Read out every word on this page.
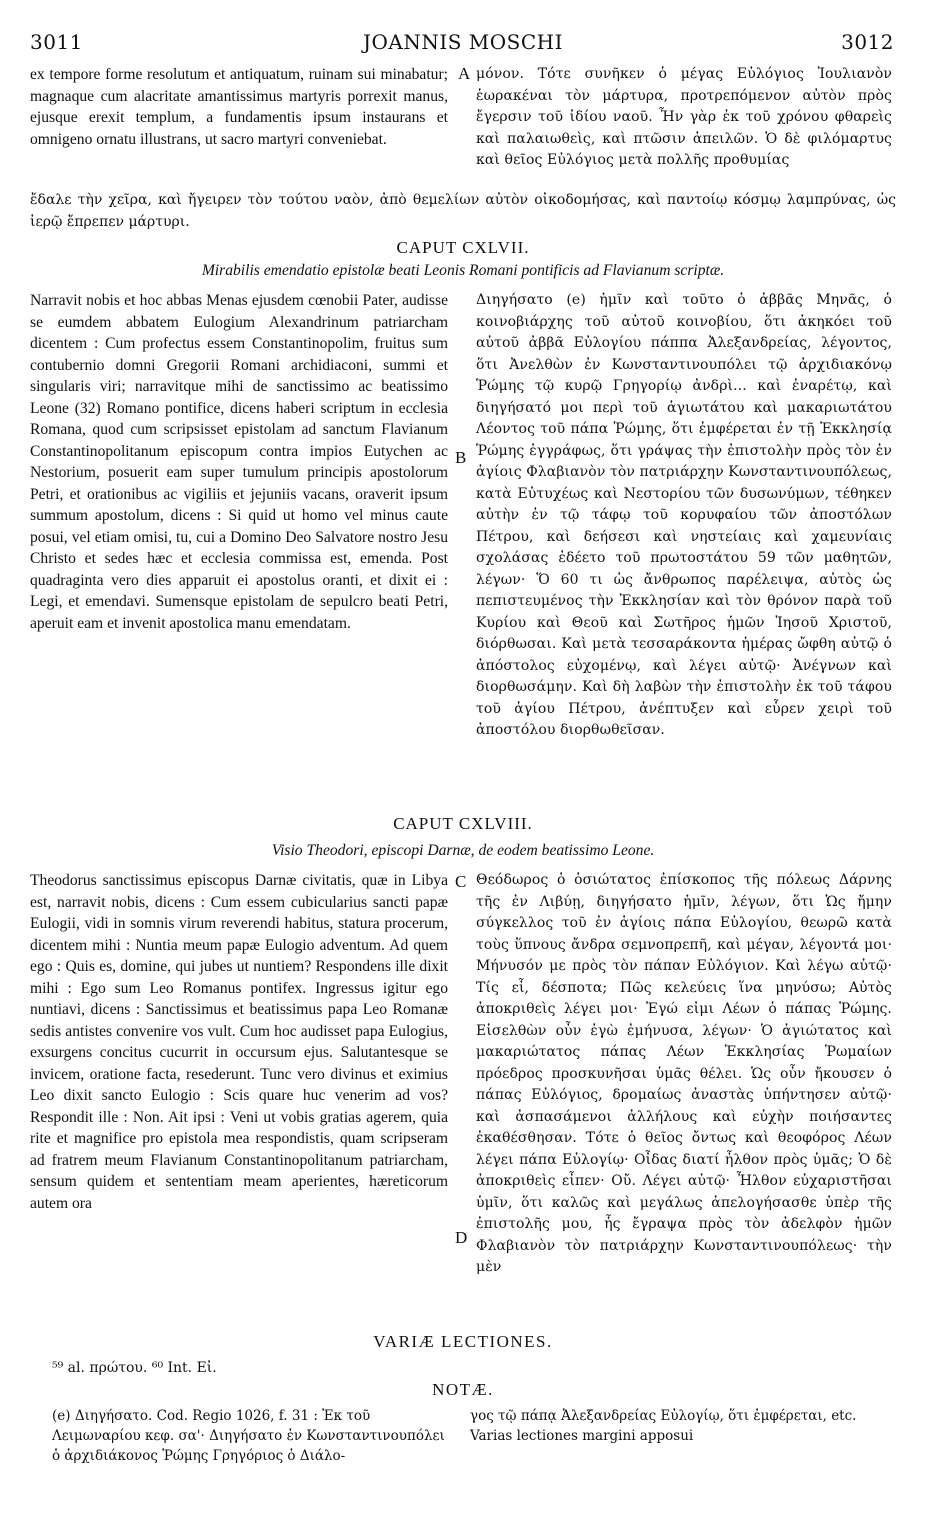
3011	JOANNIS MOSCHI	3012

ex tempore forme resolutum et antiquatum, ruinam sui minabatur; magnaque cum alacritate amantissimus martyris porrexit manus, ejusque erexit templum, a fundamentis ipsum instaurans et omnigeno ornatu illustrans, ut sacro martyri conveniebat.

A μόνον. Τότε συνῆκεν ὁ μέγας Εὐλόγιος Ἰουλιανὸν ἑωρακέναι τὸν μάρτυρα, προτρεπόμενον αὐτὸν πρὸς ἔγερσιν τοῦ ἰδίου ναοῦ. Ἦν γὰρ ἐκ τοῦ χρόνου φθαρεὶς καὶ παλαιωθεὶς, καὶ πτῶσιν ἀπειλῶν. Ὁ δὲ φιλόμαρτυς καὶ θεῖος Εὐλόγιος μετὰ πολλῆς προθυμίας

ἔδαλε τὴν χεῖρα, καὶ ἤγειρεν τὸν τούτου ναὸν, ἀπὸ θεμελίων αὐτὸν οἰκοδομήσας, καὶ παντοίῳ κόσμῳ λαμπρύνας, ὡς ἱερῷ ἔπρεπεν μάρτυρι.

CAPUT CXLVII.
Mirabilis emendatio epistolæ beati Leonis Romani pontificis ad Flavianum scriptæ.

Narravit nobis et hoc abbas Menas ejusdem cœnobii Pater, audisse se eumdem abbatem Eulogium Alexandrinum patriarcham dicentem : Cum profectus essem Constantinopolim, fruitus sum contubernio domni Gregorii Romani archidiaconi, summi et singularis viri; narravitque mihi de sanctissimo ac beatissimo Leone (32) Romano pontifice, dicens haberi scriptum in ecclesia Romana, quod cum scripsisset epistolam ad sanctum Flavianum Constantinopolitanum episcopum contra impios Eutychen ac Nestorium, posuerit eam super tumulum principis apostolorum Petri, et orationibus ac vigiliis et jejuniis vacans, oraverit ipsum summum apostolum, dicens : Si quid ut homo vel minus caute posui, vel etiam omisi, tu, cui a Domino Deo Salvatore nostro Jesu Christo et sedes hæc et ecclesia commissa est, emenda. Post quadraginta vero dies apparuit ei apostolus oranti, et dixit ei : Legi, et emendavi. Sumensque epistolam de sepulcro beati Petri, aperuit eam et invenit apostolica manu emendatam.

B

Διηγήσατο (e) ἡμῖν καὶ τοῦτο ὁ ἀββᾶς Μηνᾶς, ὁ κοινοβιάρχης τοῦ αὐτοῦ κοινοβίου, ὅτι ἀκηκόει τοῦ αὐτοῦ ἀββᾶ Εὐλογίου πάππα Ἀλεξανδρείας, λέγοντος, ὅτι Ἀνελθὼν ἐν Κωνσταντινουπόλει τῷ ἀρχιδιακόνῳ Ῥώμης τῷ κυρῷ Γρηγορίῳ ἀνδρὶ... καὶ ἐναρέτῳ, καὶ διηγήσατό μοι περὶ τοῦ ἁγιωτάτου καὶ μακαριωτάτου Λέοντος τοῦ πάπα Ῥώμης, ὅτι ἐμφέρεται ἐν τῇ Ἐκκλησίᾳ Ῥώμης ἐγγράφως, ὅτι γράψας τὴν ἐπιστολὴν πρὸς τὸν ἐν ἁγίοις Φλαβιανὸν τὸν πατριάρχην Κωνσταντινουπόλεως, κατὰ Εὐτυχέως καὶ Νεστορίου τῶν δυσωνύμων, τέθηκεν αὐτὴν ἐν τῷ τάφῳ τοῦ κορυφαίου τῶν ἀποστόλων Πέτρου, καὶ δεήσεσι καὶ νηστείαις καὶ χαμευνίαις σχολάσας ἐδέετο τοῦ πρωτοστάτου 59 τῶν μαθητῶν, λέγων· Ὅ 60 τι ὡς ἄνθρωπος παρέλειψα, αὐτὸς ὡς πεπιστευμένος τὴν Ἐκκλησίαν καὶ τὸν θρόνον παρὰ τοῦ Κυρίου καὶ Θεοῦ καὶ Σωτῆρος ἡμῶν Ἰησοῦ Χριστοῦ, διόρθωσαι. Καὶ μετὰ τεσσαράκοντα ἡμέρας ὤφθη αὐτῷ ὁ ἀπόστολος εὐχομένῳ, καὶ λέγει αὐτῷ· Ἀνέγνων καὶ διορθωσάμην. Καὶ δὴ λαβὼν τὴν ἐπιστολὴν ἐκ τοῦ τάφου τοῦ ἁγίου Πέτρου, ἀνέπτυξεν καὶ εὗρεν χειρὶ τοῦ ἀποστόλου διορθωθεῖσαν.

CAPUT CXLVIII.
Visio Theodori, episcopi Darnæ, de eodem beatissimo Leone.

Theodorus sanctissimus episcopus Darnæ civitatis, quæ in Libya est, narravit nobis, dicens : Cum essem cubicularius sancti papæ Eulogii, vidi in somnis virum reverendi habitus, statura procerum, dicentem mihi : Nuntia meum papæ Eulogio adventum. Ad quem ego : Quis es, domine, qui jubes ut nuntiem? Respondens ille dixit mihi : Ego sum Leo Romanus pontifex. Ingressus igitur ego nuntiavi, dicens : Sanctissimus et beatissimus papa Leo Romanæ sedis antistes convenire vos vult. Cum hoc audisset papa Eulogius, exsurgens concitus cucurrit in occursum ejus. Salutantesque se invicem, oratione facta, resederunt. Tunc vero divinus et eximius Leo dixit sancto Eulogio : Scis quare huc venerim ad vos? Respondit ille : Non. Ait ipsi : Veni ut vobis gratias agerem, quia rite et magnifice pro epistola mea respondistis, quam scripseram ad fratrem meum Flavianum Constantinopolitanum patriarcham, sensum quidem et sententiam meam aperientes, hæreticorum autem ora

C
D

Θεόδωρος ὁ ὁσιώτατος ἐπίσκοπος τῆς πόλεως Δάρνης τῆς ἐν Λιβύῃ, διηγήσατο ἡμῖν, λέγων, ὅτι Ὡς ἤμην σύγκελλος τοῦ ἐν ἁγίοις πάπα Εὐλογίου, θεωρῶ κατὰ τοὺς ὕπνους ἄνδρα σεμνοπρεπῆ, καὶ μέγαν, λέγοντά μοι· Μήνυσόν με πρὸς τὸν πάπαν Εὐλόγιον. Καὶ λέγω αὐτῷ· Τίς εἶ, δέσποτα; Πῶς κελεύεις ἵνα μηνύσω; Αὐτὸς ἀποκριθεὶς λέγει μοι· Ἐγώ εἰμι Λέων ὁ πάπας Ῥώμης. Εἰσελθὼν οὖν ἐγὼ ἐμήνυσα, λέγων· Ὁ ἁγιώτατος καὶ μακαριώτατος πάπας Λέων Ἐκκλησίας Ῥωμαίων πρόεδρος προσκυνῆσαι ὑμᾶς θέλει. Ὡς οὖν ἤκουσεν ὁ πάπας Εὐλόγιος, δρομαίως ἀναστὰς ὑπήντησεν αὐτῷ· καὶ ἀσπασάμενοι ἀλλήλους καὶ εὐχὴν ποιήσαντες ἐκαθέσθησαν. Τότε ὁ θεῖος ὄντως καὶ θεοφόρος Λέων λέγει πάπα Εὐλογίῳ· Οἶδας διατί ἦλθον πρὸς ὑμᾶς; Ὁ δὲ ἀποκριθεὶς εἶπεν· Οὔ. Λέγει αὐτῷ· Ἦλθον εὐχαριστῆσαι ὑμῖν, ὅτι καλῶς καὶ μεγάλως ἀπελογήσασθε ὑπὲρ τῆς ἐπιστολῆς μου, ἧς ἔγραψα πρὸς τὸν ἀδελφὸν ἡμῶν Φλαβιανὸν τὸν πατριάρχην Κωνσταντινουπόλεως· τὴν μὲν

VARIÆ LECTIONES.
⁵⁹ al. πρώτου. ⁶⁰ Int. Εἰ.
NOTÆ.
(e) Διηγήσατο. Cod. Regio 1026, f. 31 : Ἐκ τοῦ Λειμωναρίου κεφ. σα'· Διηγήσατο ἐν Κωνσταντινουπόλει ὁ ἀρχιδιάκονος Ῥώμης Γρηγόριος ὁ Διάλο-
γος τῷ πάπᾳ Ἀλεξανδρείας Εὐλογίῳ, ὅτι ἐμφέρεται, etc. Varias lectiones margini apposui
